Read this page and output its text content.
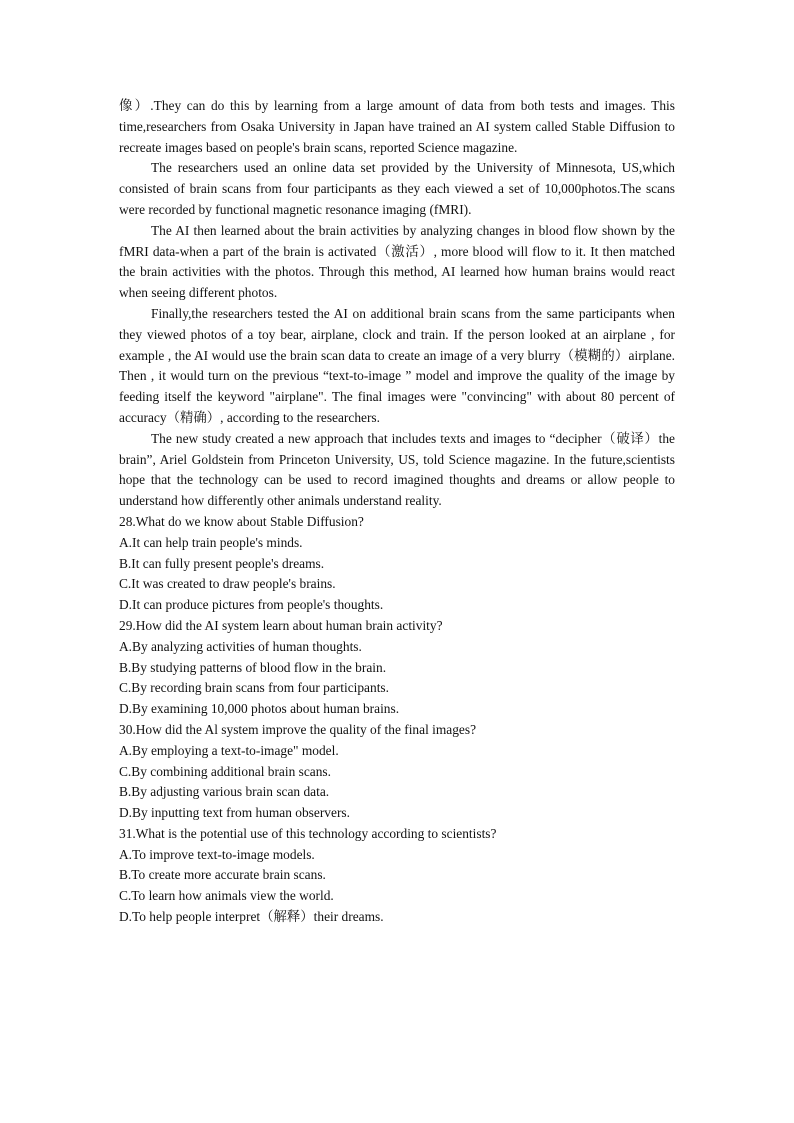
像）.They can do this by learning from a large amount of data from both tests and images. This time,researchers from Osaka University in Japan have trained an AI system called Stable Diffusion to recreate images based on people's brain scans, reported Science magazine.

The researchers used an online data set provided by the University of Minnesota, US,which consisted of brain scans from four participants as they each viewed a set of 10,000photos.The scans were recorded by functional magnetic resonance imaging (fMRI).

The AI then learned about the brain activities by analyzing changes in blood flow shown by the fMRI data-when a part of the brain is activated（激活）, more blood will flow to it. It then matched the brain activities with the photos. Through this method, AI learned how human brains would react when seeing different photos.

Finally,the researchers tested the AI on additional brain scans from the same participants when they viewed photos of a toy bear, airplane, clock and train. If the person looked at an airplane , for example , the AI would use the brain scan data to create an image of a very blurry（模糊的）airplane. Then , it would turn on the previous “text-to-image ” model and improve the quality of the image by feeding itself the keyword "airplane". The final images were "convincing" with about 80 percent of accuracy（精确）, according to the researchers.

The new study created a new approach that includes texts and images to “decipher（破译）the brain”, Ariel Goldstein from Princeton University, US, told Science magazine. In the future,scientists hope that the technology can be used to record imagined thoughts and dreams or allow people to understand how differently other animals understand reality.

28.What do we know about Stable Diffusion?

A.It can help train people's minds.

B.It can fully present people's dreams.

C.It was created to draw people's brains.

D.It can produce pictures from people's thoughts.

29.How did the AI system learn about human brain activity?

A.By analyzing activities of human thoughts.

B.By studying patterns of blood flow in the brain.

C.By recording brain scans from four participants.

D.By examining 10,000 photos about human brains.

30.How did the Al system improve the quality of the final images?

A.By employing a text-to-image" model.

C.By combining additional brain scans.

B.By adjusting various brain scan data.

D.By inputting text from human observers.

31.What is the potential use of this technology according to scientists?

A.To improve text-to-image models.

B.To create more accurate brain scans.

C.To learn how animals view the world.

D.To help people interpret（解释）their dreams.
